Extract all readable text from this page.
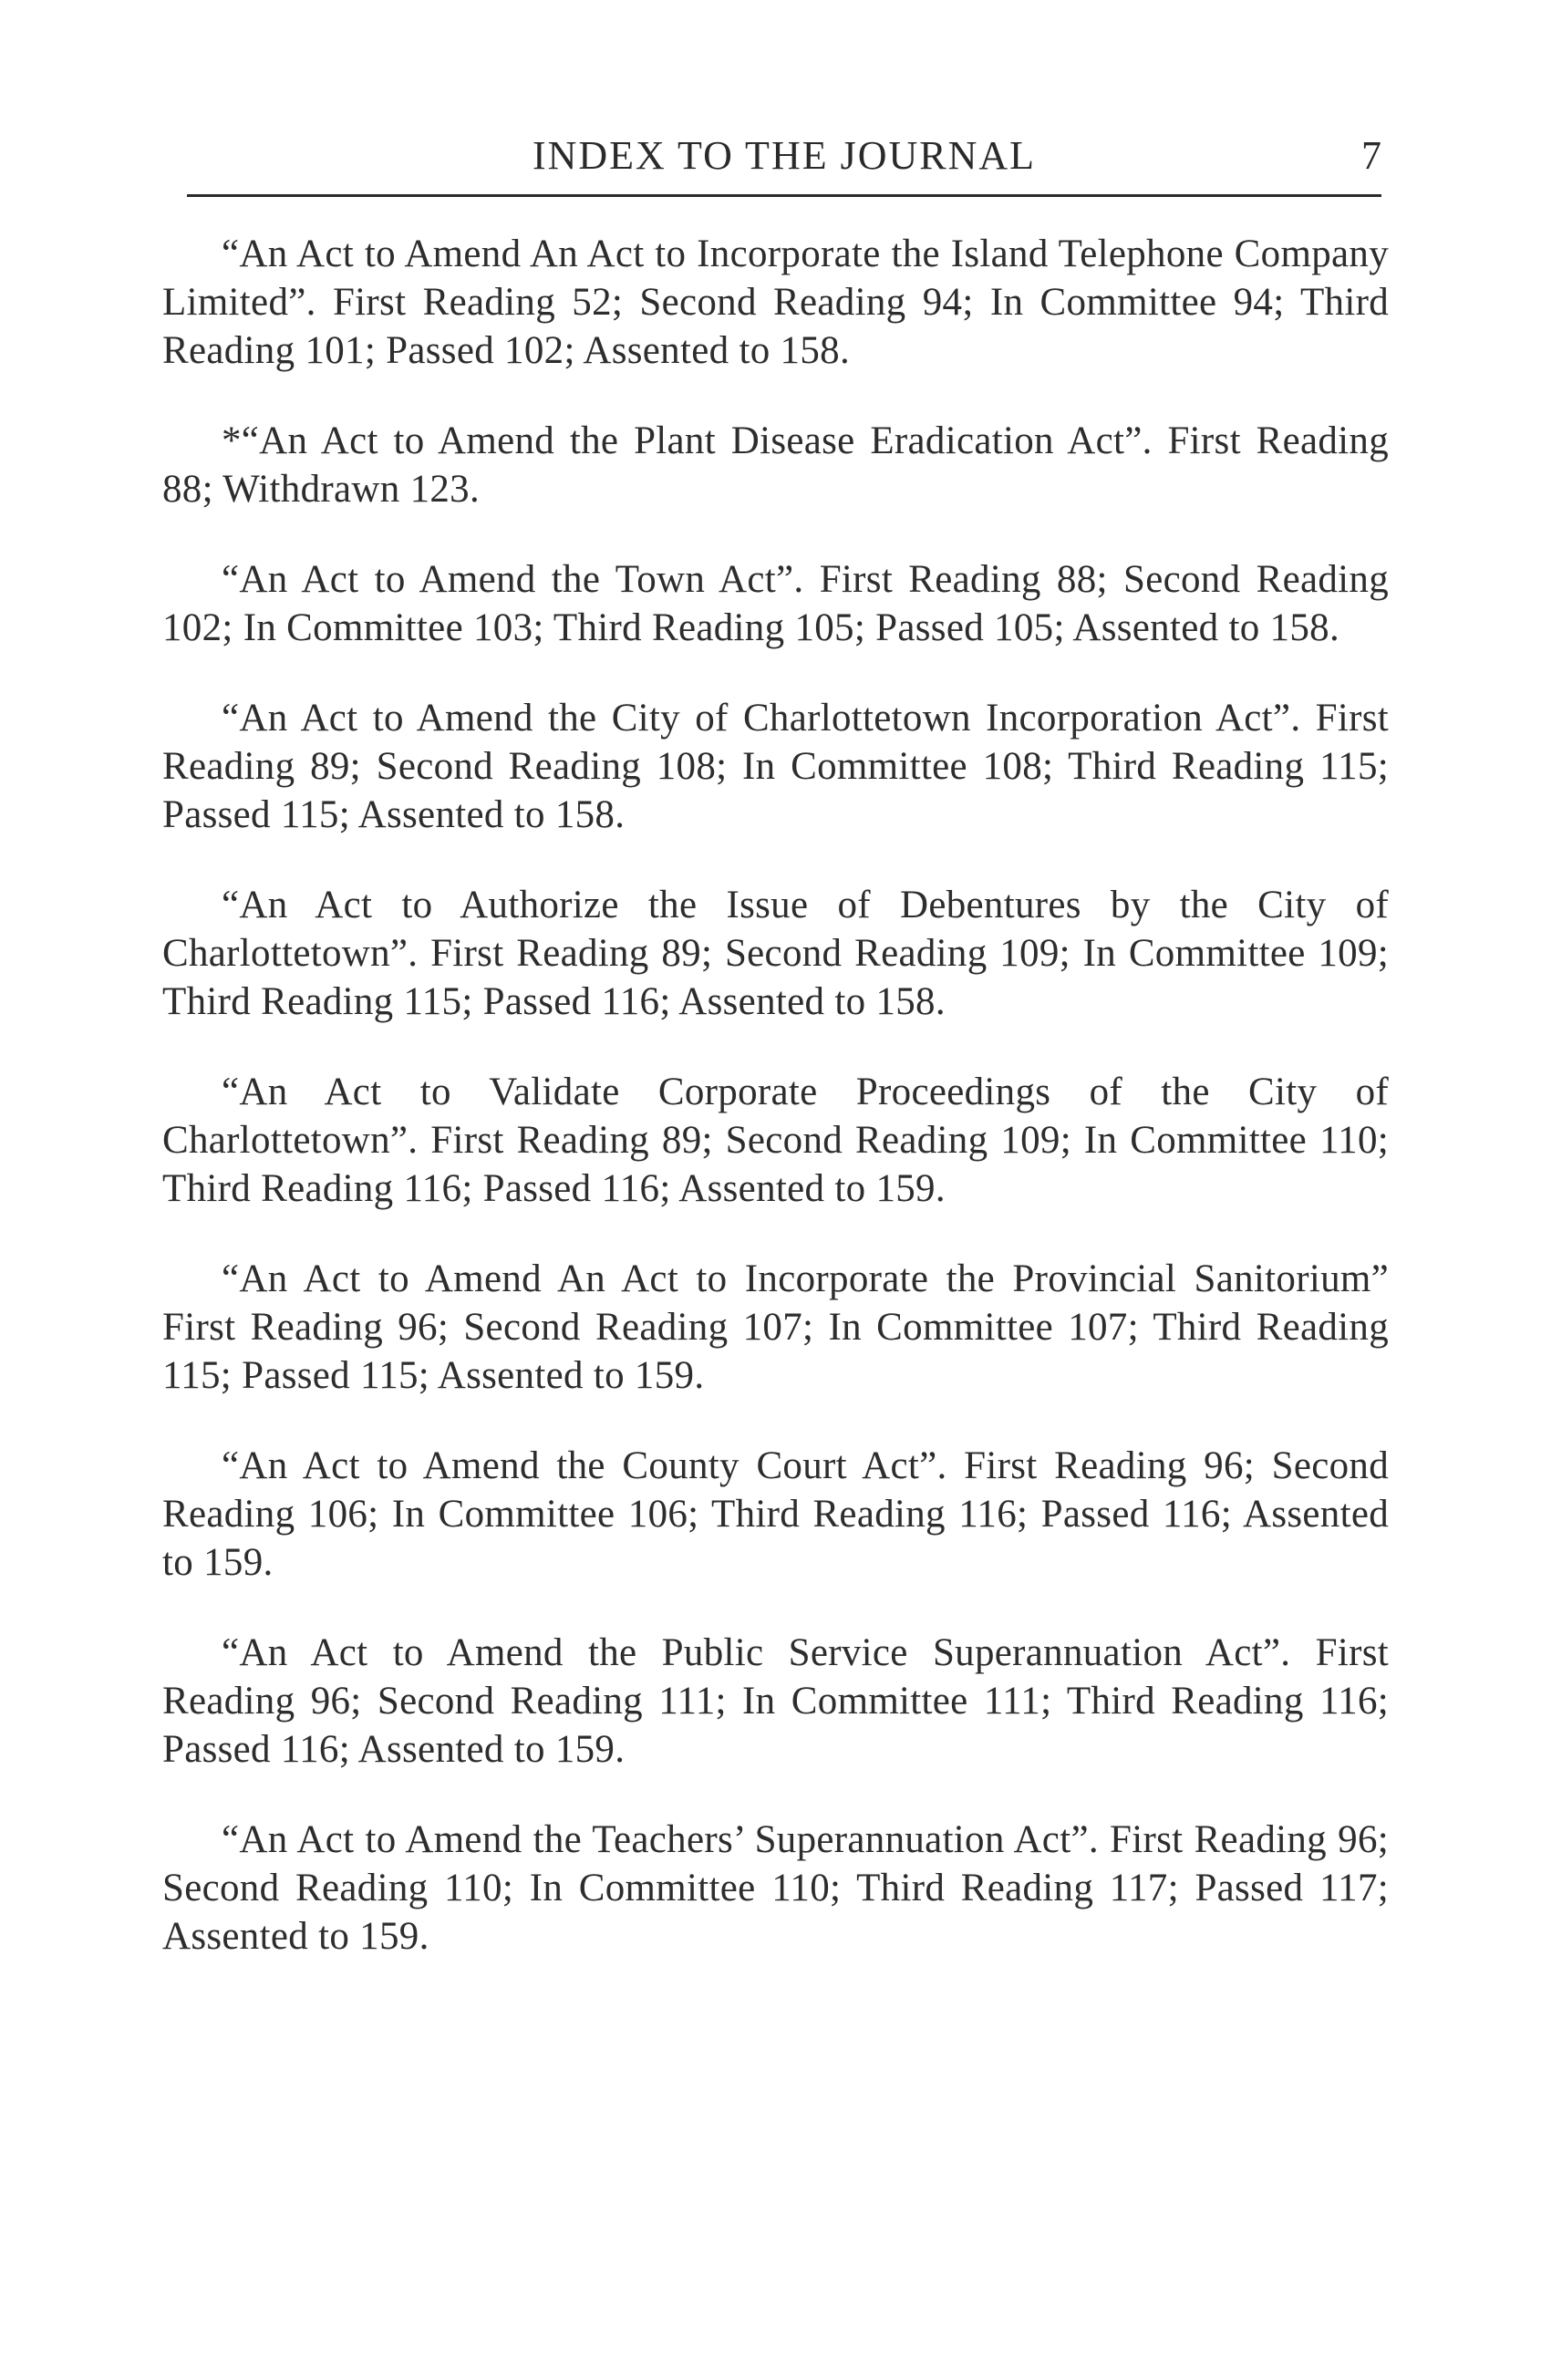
INDEX TO THE JOURNAL	7

“An Act to Amend An Act to Incorporate the Island Telephone Company Limited”. First Reading 52; Second Reading 94; In Committee 94; Third Reading 101; Passed 102; Assented to 158.

*“An Act to Amend the Plant Disease Eradication Act”. First Reading 88; Withdrawn 123.

“An Act to Amend the Town Act”. First Reading 88; Second Reading 102; In Committee 103; Third Reading 105; Passed 105; Assented to 158.

“An Act to Amend the City of Charlottetown Incorporation Act”. First Reading 89; Second Reading 108; In Committee 108; Third Reading 115; Passed 115; Assented to 158.

“An Act to Authorize the Issue of Debentures by the City of Charlottetown”. First Reading 89; Second Reading 109; In Committee 109; Third Reading 115; Passed 116; Assented to 158.

“An Act to Validate Corporate Proceedings of the City of Charlottetown”. First Reading 89; Second Reading 109; In Committee 110; Third Reading 116; Passed 116; Assented to 159.

“An Act to Amend An Act to Incorporate the Provincial Sanitorium” First Reading 96; Second Reading 107; In Committee 107; Third Reading 115; Passed 115; Assented to 159.

“An Act to Amend the County Court Act”. First Reading 96; Second Reading 106; In Committee 106; Third Reading 116; Passed 116; Assented to 159.

“An Act to Amend the Public Service Superannuation Act”. First Reading 96; Second Reading 111; In Committee 111; Third Reading 116; Passed 116; Assented to 159.

“An Act to Amend the Teachers’ Superannuation Act”. First Reading 96; Second Reading 110; In Committee 110; Third Reading 117; Passed 117; Assented to 159.
